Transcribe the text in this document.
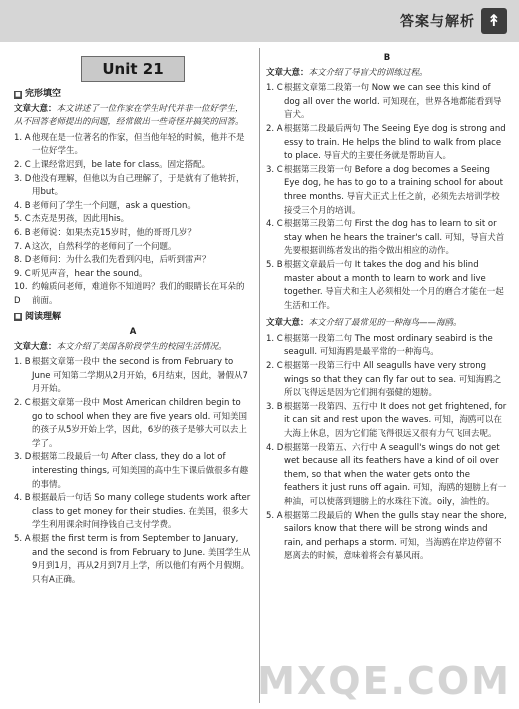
答案与解析 ↟
Unit 21
■ 完形填空
文章大意：本文讲述了一位作家在学生时代并非一位好学生，从不回答老师提出的问题，经常做出一些奇怪并搞笑的回答。
1. A 他现在是一位著名的作家，但当他年轻的时候，他并不是一位好学生。
2. C 上课经常迟到，be late for class。固定搭配。
3. D 他没有理解，但他以为自己理解了，于是就有了他转折，用but。
4. B 老师问了学生一个问题，ask a question。
5. C 杰克是男孩，因此用his。
6. B 老师说：如果杰克15岁时，他的哥哥几岁？
7. A 这次，自然科学的老师问了一个问题。
8. D 老师问：为什么我们先看到闪电，后听到雷声？
9. C 听见声音，hear the sound。
10. D
约翰质问老师，难道你不知道吗？我们的眼睛长在耳朵的前面。
■ 阅读理解
A
文章大意：本文介绍了美国各阶段学生的校园生活情况。
1. B 根据文章第一段中 the second is from February to June 可知第二学期从2月开始，6月结束，因此，暑假从7月开始。
2. C 根据文章第一段中 Most American children begin to go to school when they are five years old. 可知美国的孩子从5岁开始上学，因此，6岁的孩子是够大可以去上学了。
3. D 根据第二段最后一句 After class, they do a lot of interesting things, 可知美国的高中生下课后做很多有趣的事情。
4. B 根据最后一句话 So many college students work after class to get money for their studies. 在美国，很多大学生利用课余时间挣钱自己支付学费。
5. A 根据 the first term is from September to January, and the second is from February to June. 美国学生从9月到1月，再从2月到7月上学，所以他们有两个月假期。只有A正确。
B
文章大意：本文介绍了导盲犬的训练过程。
1. C 根据文章第二段第一句 Now we can see this kind of dog all over the world. 可知现在，世界各地都能看到导盲犬。
2. A 根据第二段最后两句 The Seeing Eye dog is strong and essy to train. He helps the blind to walk from place to place. 导盲犬的主要任务就是帮助盲人。
3. C 根据第三段第一句 Before a dog becomes a Seeing Eye dog, he has to go to a training school for about three months. 导盲犬正式上任之前，必须先去培训学校接受三个月的培训。
4. C 根据第三段第二句 First the dog has to learn to sit or stay when he hears the trainer's call. 可知，导盲犬首先要根据训练者发出的指令做出相应的动作。
5. B 根据文章最后一句 It takes the dog and his blind master about a month to learn to work and live together. 导盲犬和主人必须相处一个月的磨合才能在一起生活和工作。
文章大意：本文介绍了最常见的一种海鸟——海鸥。
1. C 根据第一段第二句 The most ordinary seabird is the seagull. 可知海鸥是最平常的一种海鸟。
2. C 根据第一段第三行中 All seagulls have very strong wings so that they can fly far out to sea. 可知海鸥之所以飞得远是因为它们拥有强健的翅膀。
3. B 根据第一段第四、五行中 It does not get frightened, for it can sit and rest upon the waves. 可知，海鸥可以在大海上休息，因为它们能飞得很远又很有力气飞回去呢。
4. D 根据第一段第五、六行中 A seagull's wings do not get wet because all its feathers have a kind of oil over them, so that when the water gets onto the feathers it just runs off again. 可知，海鸥的翅膀上有一种油，可以使落到翅膀上的水珠往下流。oily，油性的。
5. A 根据第二段最后的 When the gulls stay near the shore, sailors know that there will be strong winds and rain, and perhaps a storm. 可知，当海鸥在岸边停留不愿离去的时候，意味着将会有暴风雨。
MXQE.COM
